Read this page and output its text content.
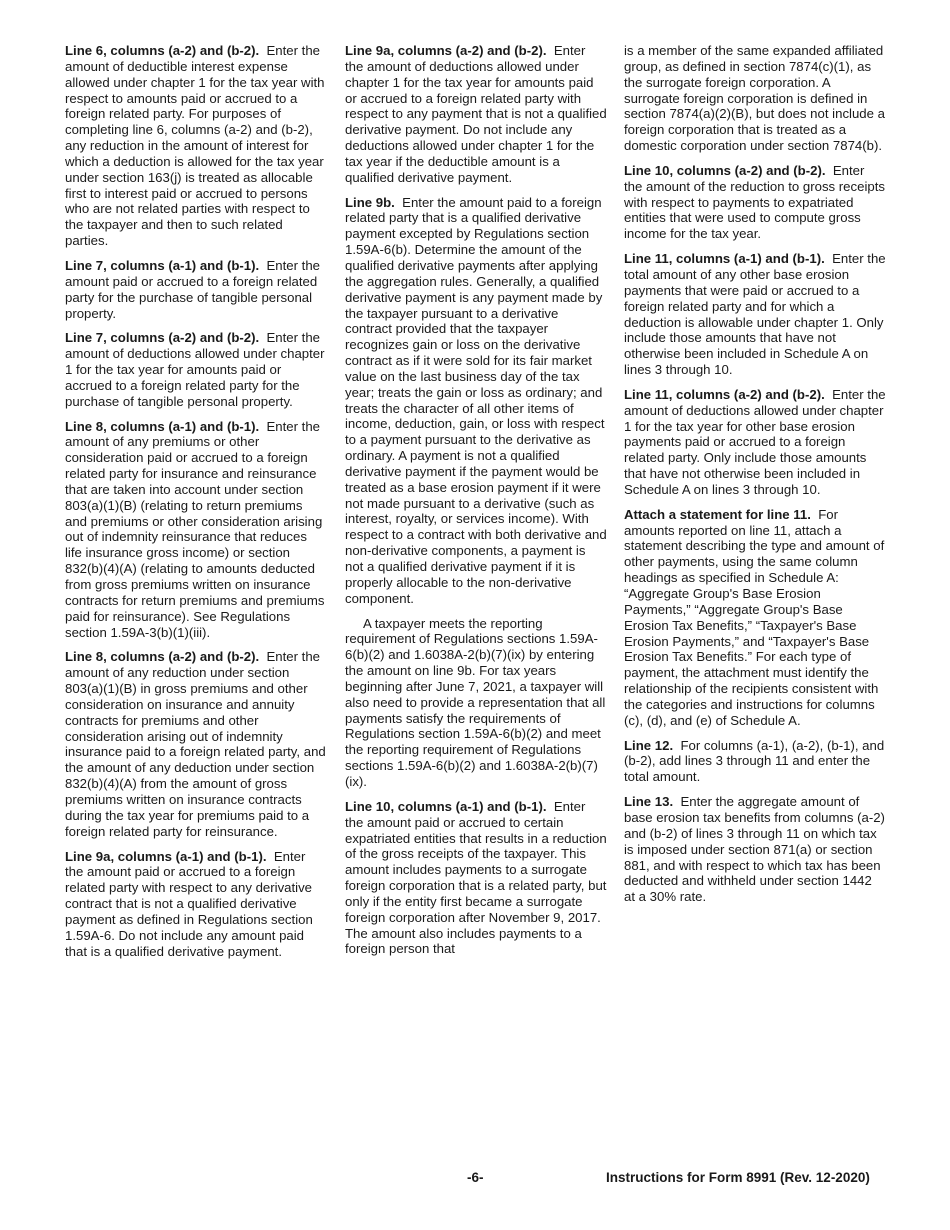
Line 6, columns (a-2) and (b-2). Enter the amount of deductible interest expense allowed under chapter 1 for the tax year with respect to amounts paid or accrued to a foreign related party. For purposes of completing line 6, columns (a-2) and (b-2), any reduction in the amount of interest for which a deduction is allowed for the tax year under section 163(j) is treated as allocable first to interest paid or accrued to persons who are not related parties with respect to the taxpayer and then to such related parties.

Line 7, columns (a-1) and (b-1). Enter the amount paid or accrued to a foreign related party for the purchase of tangible personal property.

Line 7, columns (a-2) and (b-2). Enter the amount of deductions allowed under chapter 1 for the tax year for amounts paid or accrued to a foreign related party for the purchase of tangible personal property.

Line 8, columns (a-1) and (b-1). Enter the amount of any premiums or other consideration paid or accrued to a foreign related party for insurance and reinsurance that are taken into account under section 803(a)(1)(B) (relating to return premiums and premiums or other consideration arising out of indemnity reinsurance that reduces life insurance gross income) or section 832(b)(4)(A) (relating to amounts deducted from gross premiums written on insurance contracts for return premiums and premiums paid for reinsurance). See Regulations section 1.59A-3(b)(1)(iii).

Line 8, columns (a-2) and (b-2). Enter the amount of any reduction under section 803(a)(1)(B) in gross premiums and other consideration on insurance and annuity contracts for premiums and other consideration arising out of indemnity insurance paid to a foreign related party, and the amount of any deduction under section 832(b)(4)(A) from the amount of gross premiums written on insurance contracts during the tax year for premiums paid to a foreign related party for reinsurance.

Line 9a, columns (a-1) and (b-1). Enter the amount paid or accrued to a foreign related party with respect to any derivative contract that is not a qualified derivative payment as defined in Regulations section 1.59A-6. Do not include any amount paid that is a qualified derivative payment.

Line 9a, columns (a-2) and (b-2). Enter the amount of deductions allowed under chapter 1 for the tax year for amounts paid or accrued to a foreign related party with respect to any payment that is not a qualified derivative payment. Do not include any deductions allowed under chapter 1 for the tax year if the deductible amount is a qualified derivative payment.

Line 9b. Enter the amount paid to a foreign related party that is a qualified derivative payment excepted by Regulations section 1.59A-6(b). Determine the amount of the qualified derivative payments after applying the aggregation rules. Generally, a qualified derivative payment is any payment made by the taxpayer pursuant to a derivative contract provided that the taxpayer recognizes gain or loss on the derivative contract as if it were sold for its fair market value on the last business day of the tax year; treats the gain or loss as ordinary; and treats the character of all other items of income, deduction, gain, or loss with respect to a payment pursuant to the derivative as ordinary. A payment is not a qualified derivative payment if the payment would be treated as a base erosion payment if it were not made pursuant to a derivative (such as interest, royalty, or services income). With respect to a contract with both derivative and non-derivative components, a payment is not a qualified derivative payment if it is properly allocable to the non-derivative component.

A taxpayer meets the reporting requirement of Regulations sections 1.59A-6(b)(2) and 1.6038A-2(b)(7)(ix) by entering the amount on line 9b. For tax years beginning after June 7, 2021, a taxpayer will also need to provide a representation that all payments satisfy the requirements of Regulations section 1.59A-6(b)(2) and meet the reporting requirement of Regulations sections 1.59A-6(b)(2) and 1.6038A-2(b)(7)(ix).

Line 10, columns (a-1) and (b-1). Enter the amount paid or accrued to certain expatriated entities that results in a reduction of the gross receipts of the taxpayer. This amount includes payments to a surrogate foreign corporation that is a related party, but only if the entity first became a surrogate foreign corporation after November 9, 2017. The amount also includes payments to a foreign person that

is a member of the same expanded affiliated group, as defined in section 7874(c)(1), as the surrogate foreign corporation. A surrogate foreign corporation is defined in section 7874(a)(2)(B), but does not include a foreign corporation that is treated as a domestic corporation under section 7874(b).

Line 10, columns (a-2) and (b-2). Enter the amount of the reduction to gross receipts with respect to payments to expatriated entities that were used to compute gross income for the tax year.

Line 11, columns (a-1) and (b-1). Enter the total amount of any other base erosion payments that were paid or accrued to a foreign related party and for which a deduction is allowable under chapter 1. Only include those amounts that have not otherwise been included in Schedule A on lines 3 through 10.

Line 11, columns (a-2) and (b-2). Enter the amount of deductions allowed under chapter 1 for the tax year for other base erosion payments paid or accrued to a foreign related party. Only include those amounts that have not otherwise been included in Schedule A on lines 3 through 10.

Attach a statement for line 11. For amounts reported on line 11, attach a statement describing the type and amount of other payments, using the same column headings as specified in Schedule A: “Aggregate Group's Base Erosion Payments,” “Aggregate Group's Base Erosion Tax Benefits,” “Taxpayer's Base Erosion Payments,” and “Taxpayer's Base Erosion Tax Benefits.” For each type of payment, the attachment must identify the relationship of the recipients consistent with the categories and instructions for columns (c), (d), and (e) of Schedule A.

Line 12. For columns (a-1), (a-2), (b-1), and (b-2), add lines 3 through 11 and enter the total amount.

Line 13. Enter the aggregate amount of base erosion tax benefits from columns (a-2) and (b-2) of lines 3 through 11 on which tax is imposed under section 871(a) or section 881, and with respect to which tax has been deducted and withheld under section 1442 at a 30% rate.

-6-	Instructions for Form 8991 (Rev. 12-2020)
